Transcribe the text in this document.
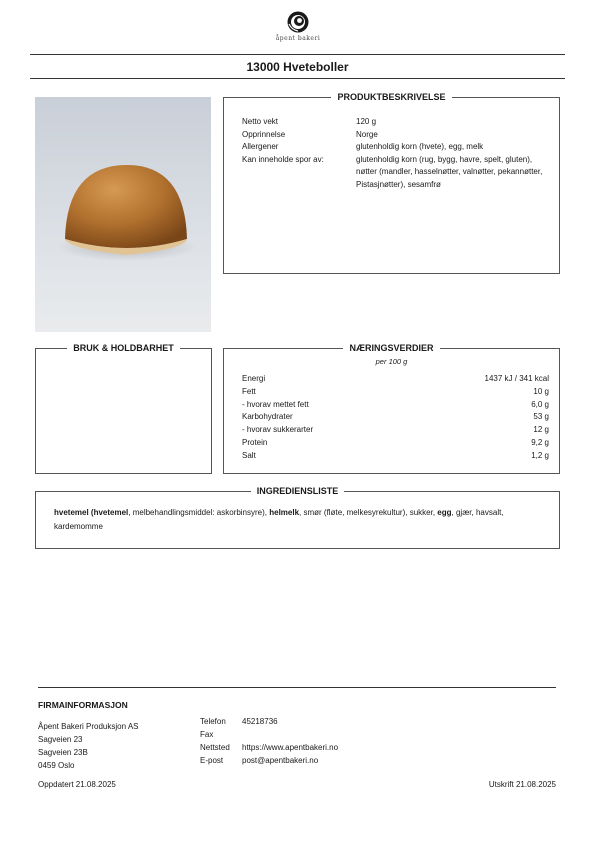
åpent bakeri
13000 Hveteboller
PRODUKTBESKRIVELSE
Netto vekt	120 g
Opprinnelse	Norge
Allergener	glutenholdig korn (hvete), egg, melk
Kan inneholde spor av:	glutenholdig korn (rug, bygg, havre, spelt, gluten), nøtter (mandler, hasselnøtter, valnøtter, pekannøtter, Pistasjnøtter), sesamfrø
BRUK & HOLDBARHET	NÆRINGSVERDIER
per 100 g
Energi	1437 kJ / 341 kcal
Fett	10 g
- hvorav mettet fett	6,0 g
Karbohydrater	53 g
- hvorav sukkerarter	12 g
Protein	9,2 g
Salt	1,2 g
INGREDIENSLISTE
hvetemel (hvetemel, melbehandlingsmiddel: askorbinsyre), helmelk, smør (fløte, melkesyrekultur), sukker, egg, gjær, havsalt, kardemomme
FIRMAINFORMASJON
Åpent Bakeri Produksjon AS
Sagveien 23
Sagveien 23B
0459 Oslo
Telefon	45218736
Fax
Nettsted	https://www.apentbakeri.no
E-post	post@apentbakeri.no
Oppdatert 21.08.2025	Utskrift 21.08.2025
